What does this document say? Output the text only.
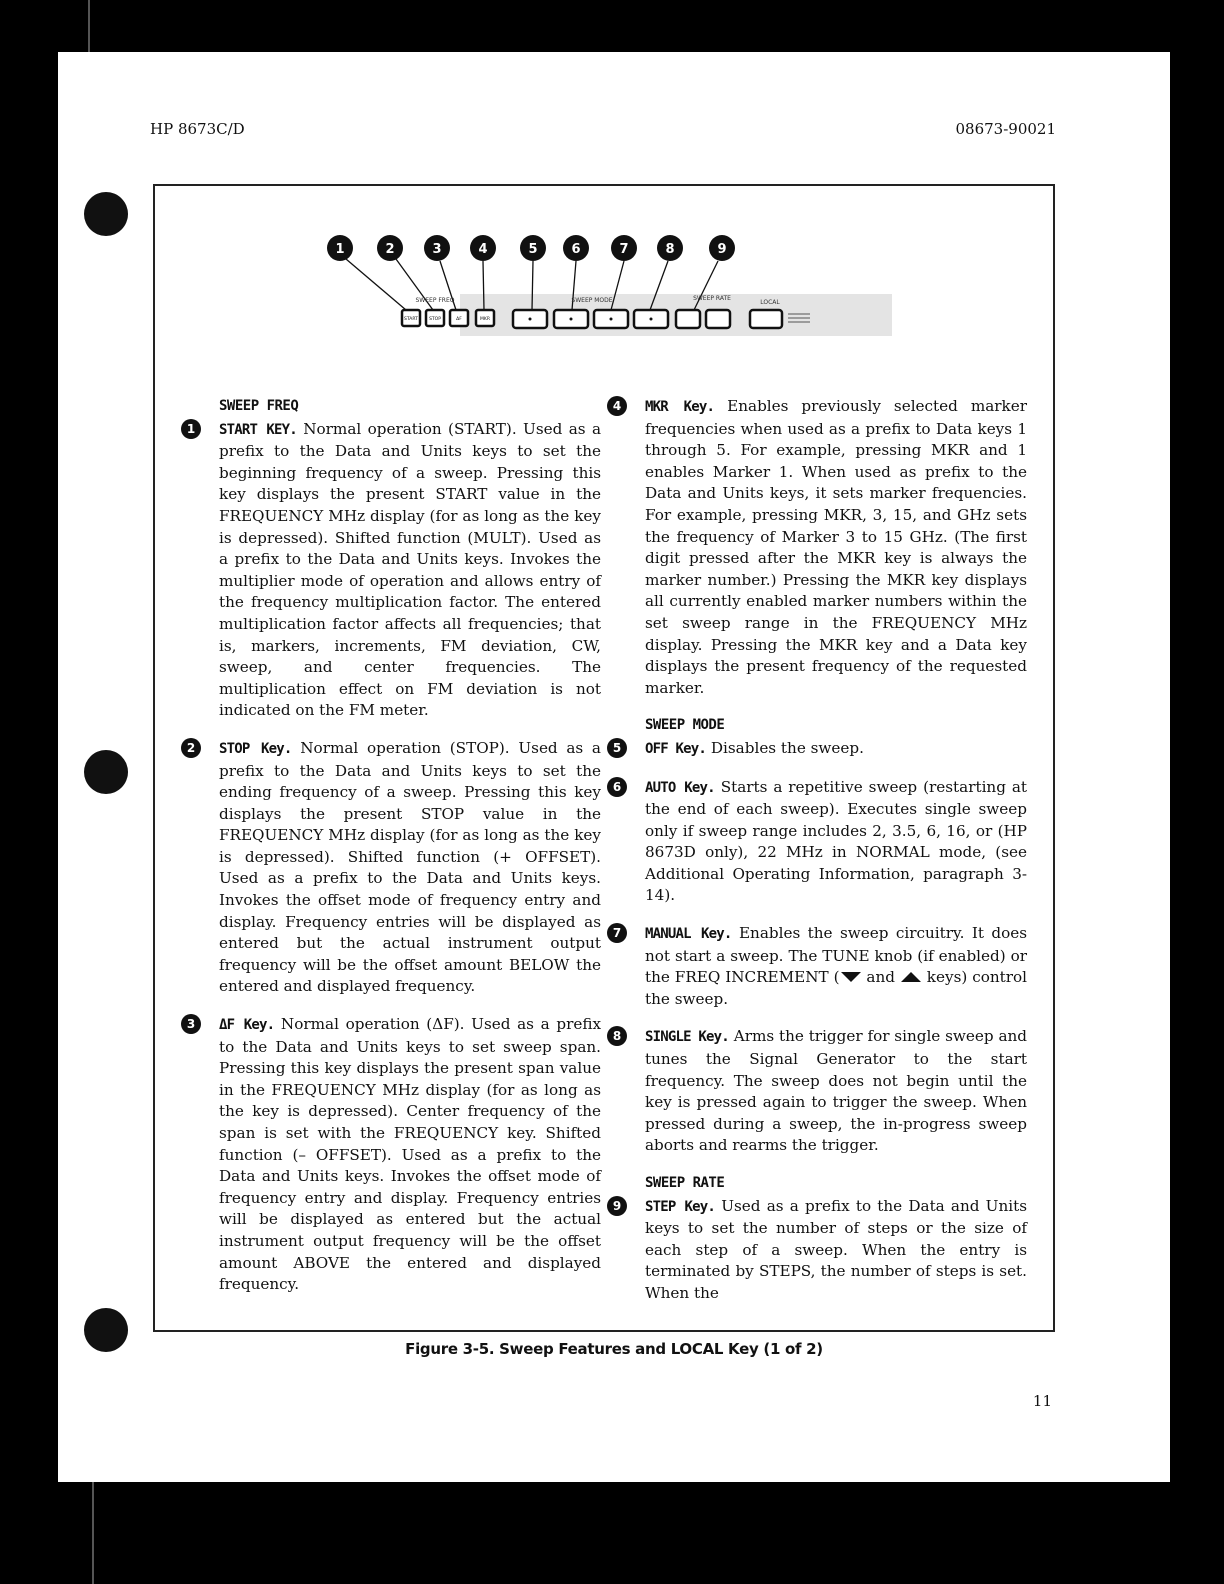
HP 8673C/D	08673-90021
1	2	3	4	5	6	7	8	9
SWEEP FREQ	SWEEP MODE	SWEEP RATE
LOCAL
START STOP	ΔF	MKR
SWEEP FREQ
1	START KEY. Normal operation (START). Used as a prefix to the Data and Units keys to set the beginning frequency of a sweep. Pressing this key displays the present START value in the FREQUENCY MHz display (for as long as the key is depressed). Shifted function (MULT). Used as a prefix to the Data and Units keys. Invokes the multiplier mode of operation and allows entry of the frequency multiplication factor. The entered multiplication factor affects all frequencies; that is, markers, increments, FM deviation, CW, sweep, and center frequencies. The multiplication effect on FM deviation is not indicated on the FM meter.
2	STOP Key. Normal operation (STOP). Used as a prefix to the Data and Units keys to set the ending frequency of a sweep. Pressing this key displays the present STOP value in the FREQUENCY MHz display (for as long as the key is depressed). Shifted function (+ OFFSET). Used as a prefix to the Data and Units keys. Invokes the offset mode of frequency entry and display. Frequency entries will be displayed as entered but the actual instrument output frequency will be the offset amount BELOW the entered and displayed frequency.
3	ΔF Key. Normal operation (ΔF). Used as a prefix to the Data and Units keys to set sweep span. Pressing this key displays the present span value in the FREQUENCY MHz display (for as long as the key is depressed). Center frequency of the span is set with the FREQUENCY key. Shifted function (– OFFSET). Used as a prefix to the Data and Units keys. Invokes the offset mode of frequency entry and display. Frequency entries will be displayed as entered but the actual instrument output frequency will be the offset amount ABOVE the entered and displayed frequency.
4	MKR Key. Enables previously selected marker frequencies when used as a prefix to Data keys 1 through 5. For example, pressing MKR and 1 enables Marker 1. When used as prefix to the Data and Units keys, it sets marker frequencies. For example, pressing MKR, 3, 15, and GHz sets the frequency of Marker 3 to 15 GHz. (The first digit pressed after the MKR key is always the marker number.) Pressing the MKR key displays all currently enabled marker numbers within the set sweep range in the FREQUENCY MHz display. Pressing the MKR key and a Data key displays the present frequency of the requested marker.
SWEEP MODE
5	OFF Key. Disables the sweep.
6	AUTO Key. Starts a repetitive sweep (restarting at the end of each sweep). Executes single sweep only if sweep range includes 2, 3.5, 6, 16, or (HP 8673D only), 22 MHz in NORMAL mode, (see Additional Operating Information, paragraph 3-14).
7	MANUAL Key. Enables the sweep circuitry. It does not start a sweep. The TUNE knob (if enabled) or the FREQ INCREMENT ( and  keys) control the sweep.
8	SINGLE Key. Arms the trigger for single sweep and tunes the Signal Generator to the start frequency. The sweep does not begin until the key is pressed again to trigger the sweep. When pressed during a sweep, the in-progress sweep aborts and rearms the trigger.
SWEEP RATE
9	STEP Key. Used as a prefix to the Data and Units keys to set the number of steps or the size of each step of a sweep. When the entry is terminated by STEPS, the number of steps is set. When the
Figure 3-5. Sweep Features and LOCAL Key (1 of 2)
11
